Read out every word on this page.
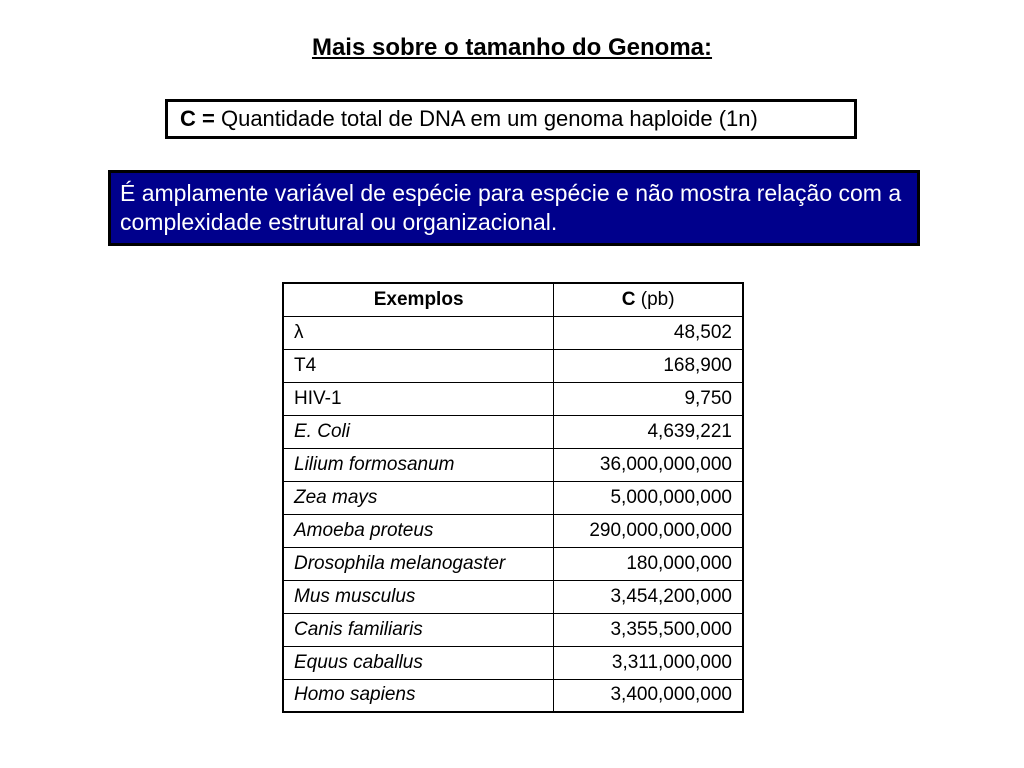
Mais sobre o tamanho do Genoma:
C = Quantidade total de DNA em um genoma haploide (1n)
É amplamente variável de espécie para espécie e não mostra relação com a complexidade estrutural ou organizacional.
Exemplos	C (pb)
λ	48,502
T4	168,900
HIV-1	9,750
E. Coli	4,639,221
Lilium formosanum	36,000,000,000
Zea mays	5,000,000,000
Amoeba proteus	290,000,000,000
Drosophila melanogaster	180,000,000
Mus musculus	3,454,200,000
Canis familiaris	3,355,500,000
Equus caballus	3,311,000,000
Homo sapiens	3,400,000,000
